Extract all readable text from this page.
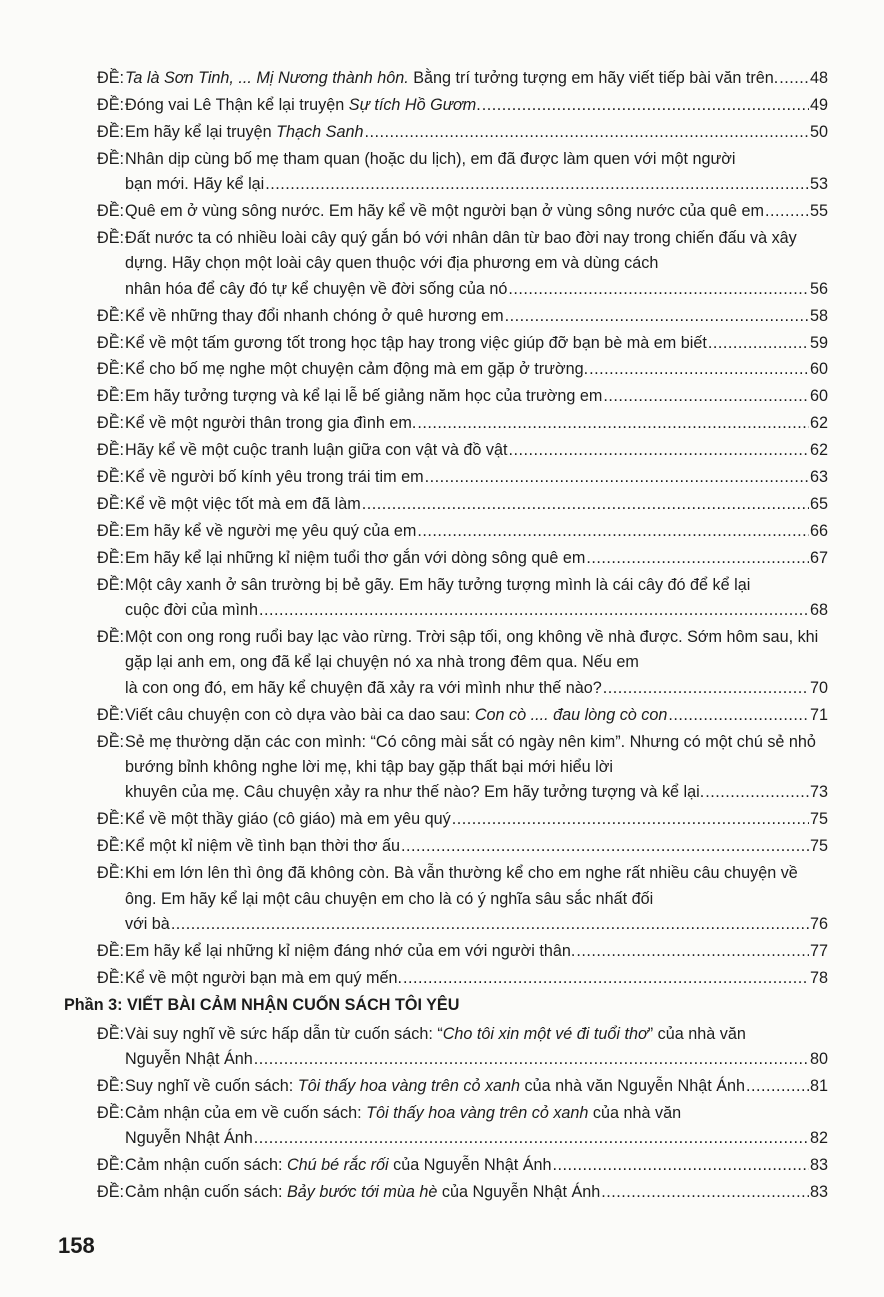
ĐỀ: Ta là Sơn Tinh, ... Mị Nương thành hôn. Bằng trí tưởng tượng em hãy viết tiếp bài văn trên. ..... 48
ĐỀ: Đóng vai Lê Thận kể lại truyện Sự tích Hồ Gươm. .....	49
ĐỀ: Em hãy kể lại truyện Thạch Sanh .....	50
ĐỀ: Nhân dịp cùng bố mẹ tham quan (hoặc du lịch), em đã được làm quen với một người
bạn mới. Hãy kể lại .....	53
ĐỀ: Quê em ở vùng sông nước. Em hãy kể về một người bạn ở vùng sông nước của quê em .....	55
ĐỀ: Đất nước ta có nhiều loài cây quý gắn bó với nhân dân từ bao đời nay trong chiến đấu và xây dựng. Hãy chọn một loài cây quen thuộc với địa phương em và dùng cách
nhân hóa để cây đó tự kể chuyện về đời sống của nó .....	56
ĐỀ: Kể về những thay đổi nhanh chóng ở quê hương em .....	58
ĐỀ: Kể về một tấm gương tốt trong học tập hay trong việc giúp đỡ bạn bè mà em biết .....	59
ĐỀ: Kể cho bố mẹ nghe một chuyện cảm động mà em gặp ở trường. .....	60
ĐỀ: Em hãy tưởng tượng và kể lại lễ bế giảng năm học của trường em .....	60
ĐỀ: Kể về một người thân trong gia đình em. .....	62
ĐỀ: Hãy kể về một cuộc tranh luận giữa con vật và đồ vật .....	62
ĐỀ: Kể về người bố kính yêu trong trái tim em .....	63
ĐỀ: Kể về một việc tốt mà em đã làm .....	65
ĐỀ: Em hãy kể về người mẹ yêu quý của em .....	66
ĐỀ: Em hãy kể lại những kỉ niệm tuổi thơ gắn với dòng sông quê em .....	67
ĐỀ: Một cây xanh ở sân trường bị bẻ gãy. Em hãy tưởng tượng mình là cái cây đó để kể lại
cuộc đời của mình .....	68
ĐỀ: Một con ong rong ruổi bay lạc vào rừng. Trời sập tối, ong không về nhà được. Sớm hôm sau, khi gặp lại anh em, ong đã kể lại chuyện nó xa nhà trong đêm qua. Nếu em
là con ong đó, em hãy kể chuyện đã xảy ra với mình như thế nào? .....	70
ĐỀ: Viết câu chuyện con cò dựa vào bài ca dao sau: Con cò .... đau lòng cò con .....	71
ĐỀ: Sẻ mẹ thường dặn các con mình: “Có công mài sắt có ngày nên kim”. Nhưng có một chú sẻ nhỏ bướng bỉnh không nghe lời mẹ, khi tập bay gặp thất bại mới hiểu lời
khuyên của mẹ. Câu chuyện xảy ra như thế nào? Em hãy tưởng tượng và kể lại. .....	73
ĐỀ: Kể về một thầy giáo (cô giáo) mà em yêu quý .....	75
ĐỀ: Kể một kỉ niệm về tình bạn thời thơ ấu .....	75
ĐỀ: Khi em lớn lên thì ông đã không còn. Bà vẫn thường kể cho em nghe rất nhiều câu chuyện về ông. Em hãy kể lại một câu chuyện em cho là có ý nghĩa sâu sắc nhất đối
với bà .....	76
ĐỀ: Em hãy kể lại những kỉ niệm đáng nhớ của em với người thân. .....	77
ĐỀ: Kể về một người bạn mà em quý mến. .....	78
Phần 3: VIẾT BÀI CẢM NHẬN CUỐN SÁCH TÔI YÊU
ĐỀ: Vài suy nghĩ về sức hấp dẫn từ cuốn sách: “Cho tôi xin một vé đi tuổi thơ” của nhà văn
Nguyễn Nhật Ánh .....	80
ĐỀ: Suy nghĩ về cuốn sách: Tôi thấy hoa vàng trên cỏ xanh của nhà văn Nguyễn Nhật Ánh .....	81
ĐỀ: Cảm nhận của em về cuốn sách: Tôi thấy hoa vàng trên cỏ xanh của nhà văn
Nguyễn Nhật Ánh .....	82
ĐỀ: Cảm nhận cuốn sách: Chú bé rắc rối của Nguyễn Nhật Ánh .....	83
ĐỀ: Cảm nhận cuốn sách: Bảy bước tới mùa hè của Nguyễn Nhật Ánh .....	83
158
